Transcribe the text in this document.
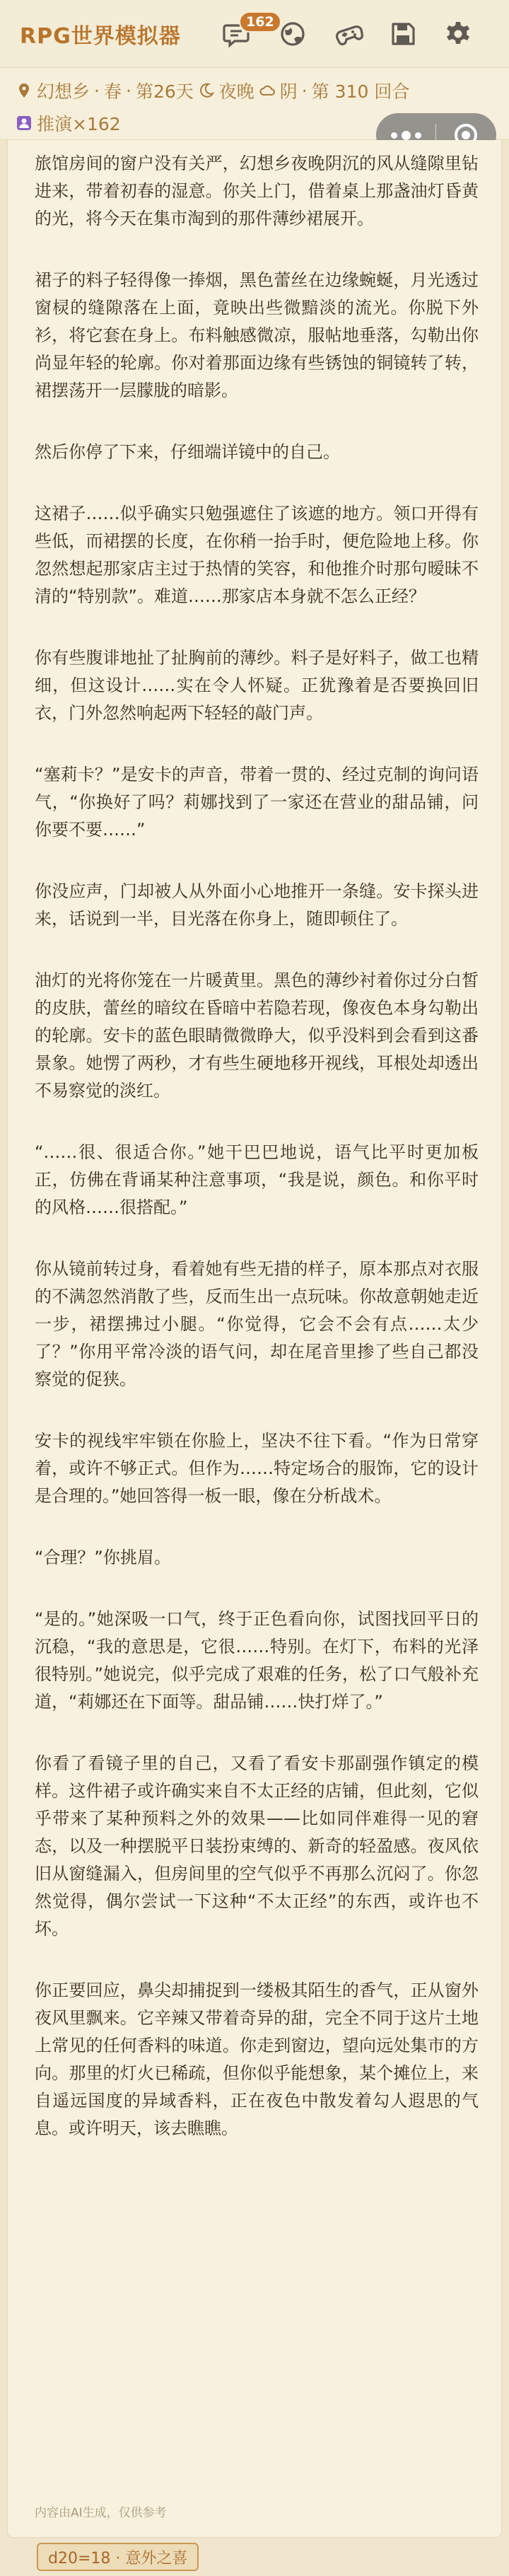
RPG世界模拟器
162
幻想乡 · 春 · 第26天 夜晚 阴 · 第 310 回合
推演×162

旅馆房间的窗户没有关严，幻想乡夜晚阴沉的风从缝隙里钻进来，带着初春的湿意。你关上门，借着桌上那盏油灯昏黄的光，将今天在集市淘到的那件薄纱裙展开。

裙子的料子轻得像一捧烟，黑色蕾丝在边缘蜿蜒，月光透过窗棂的缝隙落在上面，竟映出些微黯淡的流光。你脱下外衫，将它套在身上。布料触感微凉，服帖地垂落，勾勒出你尚显年轻的轮廓。你对着那面边缘有些锈蚀的铜镜转了转，裙摆荡开一层朦胧的暗影。

然后你停了下来，仔细端详镜中的自己。

这裙子……似乎确实只勉强遮住了该遮的地方。领口开得有些低，而裙摆的长度，在你稍一抬手时，便危险地上移。你忽然想起那家店主过于热情的笑容，和他推介时那句暧昧不清的“特别款”。难道……那家店本身就不怎么正经？

你有些腹诽地扯了扯胸前的薄纱。料子是好料子，做工也精细，但这设计……实在令人怀疑。正犹豫着是否要换回旧衣，门外忽然响起两下轻轻的敲门声。

“塞莉卡？”是安卡的声音，带着一贯的、经过克制的询问语气，“你换好了吗？莉娜找到了一家还在营业的甜品铺，问你要不要……”

你没应声，门却被人从外面小心地推开一条缝。安卡探头进来，话说到一半，目光落在你身上，随即顿住了。

油灯的光将你笼在一片暖黄里。黑色的薄纱衬着你过分白皙的皮肤，蕾丝的暗纹在昏暗中若隐若现，像夜色本身勾勒出的轮廓。安卡的蓝色眼睛微微睁大，似乎没料到会看到这番景象。她愣了两秒，才有些生硬地移开视线，耳根处却透出不易察觉的淡红。

“……很、很适合你。”她干巴巴地说，语气比平时更加板正，仿佛在背诵某种注意事项，“我是说，颜色。和你平时的风格……很搭配。”

你从镜前转过身，看着她有些无措的样子，原本那点对衣服的不满忽然消散了些，反而生出一点玩味。你故意朝她走近一步，裙摆拂过小腿。“你觉得，它会不会有点……太少了？”你用平常冷淡的语气问，却在尾音里掺了些自己都没察觉的促狭。

安卡的视线牢牢锁在你脸上，坚决不往下看。“作为日常穿着，或许不够正式。但作为……特定场合的服饰，它的设计是合理的。”她回答得一板一眼，像在分析战术。

“合理？”你挑眉。

“是的。”她深吸一口气，终于正色看向你，试图找回平日的沉稳，“我的意思是，它很……特别。在灯下，布料的光泽很特别。”她说完，似乎完成了艰难的任务，松了口气般补充道，“莉娜还在下面等。甜品铺……快打烊了。”

你看了看镜子里的自己，又看了看安卡那副强作镇定的模样。这件裙子或许确实来自不太正经的店铺，但此刻，它似乎带来了某种预料之外的效果——比如同伴难得一见的窘态，以及一种摆脱平日装扮束缚的、新奇的轻盈感。夜风依旧从窗缝漏入，但房间里的空气似乎不再那么沉闷了。你忽然觉得，偶尔尝试一下这种“不太正经”的东西，或许也不坏。

你正要回应，鼻尖却捕捉到一缕极其陌生的香气，正从窗外夜风里飘来。它辛辣又带着奇异的甜，完全不同于这片土地上常见的任何香料的味道。你走到窗边，望向远处集市的方向。那里的灯火已稀疏，但你似乎能想象，某个摊位上，来自遥远国度的异域香料，正在夜色中散发着勾人遐思的气息。或许明天，该去瞧瞧。

内容由AI生成，仅供参考
d20=18 · 意外之喜
